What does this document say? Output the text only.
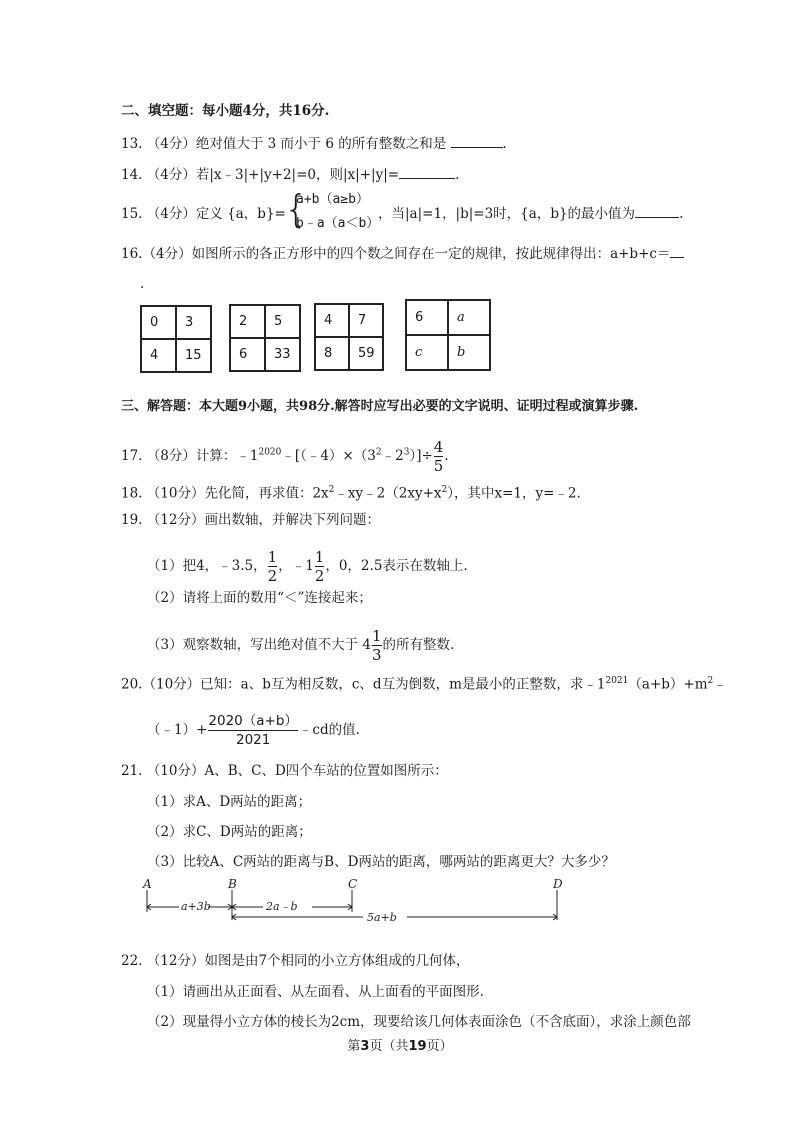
二、填空题：每小题4分，共16分.
13. （4分）绝对值大于 3 而小于 6 的所有整数之和是	.
14. （4分）若|x﹣3|+|y+2|=0，则|x|+|y|=	.
15. （4分）定义 {a，b}=
{
a+b（a≥b）
b﹣a（a＜b）
，当|a|=1，|b|=3时，{a，b}的最小值为	.
16.（4分）如图所示的各正方形中的四个数之间存在一定的规律，按此规律得出：a+b+c＝
.
0	3
4	15
2	5
6	33
4	7
8	59
6	a
c	b
三、解答题：本大题9小题，共98分.解答时应写出必要的文字说明、证明过程或演算步骤.
17. （8分）计算：$﹣1^{2020}﹣[(﹣4)\times(3^2﹣2^3)]\div \frac{4}{5}$ .
18. （10分）先化简，再求值：$2x^2﹣xy﹣2(2xy+x^2)$，其中x=1，y=﹣2.
19. （12分）画出数轴，并解决下列问题：
（1）把4，﹣3.5， $\frac{1}{2}$ ，﹣1 $\frac{1}{2}$ ，0，2.5表示在数轴上.
（2）请将上面的数用“＜”连接起来；
（3）观察数轴，写出绝对值不大于 $4 \frac{1}{3}$ 的所有整数.
20.（10分）已知：a、b互为相反数，c、d互为倒数，m是最小的正整数，求$﹣1^{2021}(a+b)+m^2﹣$
（﹣1）+ $\frac{2020(a+b)}{2021}$ ﹣cd的值.
21. （10分）A、B、C、D四个车站的位置如图所示：
（1）求A、D两站的距离；
（2）求C、D两站的距离；
（3）比较A、C两站的距离与B、D两站的距离，哪两站的距离更大？大多少？
A	B	C	D
a+3b	2a﹣b
5a+b
22. （12分）如图是由7个相同的小立方体组成的几何体，
（1）请画出从正面看、从左面看、从上面看的平面图形.
（2）现量得小立方体的棱长为2cm，现要给该几何体表面涂色（不含底面），求涂上颜色部
第3页（共19页）
